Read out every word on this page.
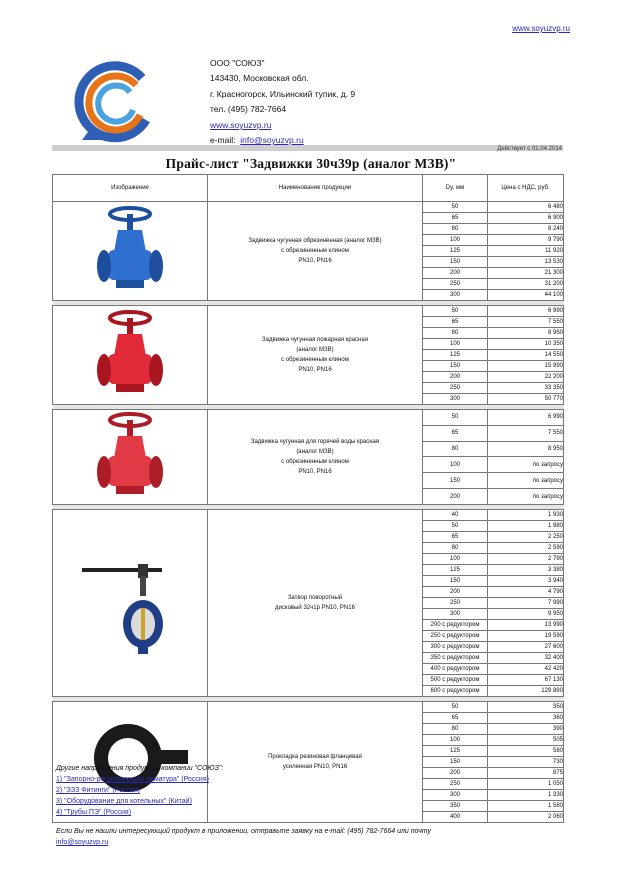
www.soyuzvp.ru
ООО "СОЮЗ"
143430, Московская обл.
г. Красногорск, Ильинский тупик, д. 9
тел. (495) 782-7664
www.soyuzvp.ru
e-mail: info@soyuzvp.ru
Действует с 01.04.2014
Прайс-лист "Задвижки 30ч39р (аналог МЗВ)"
Изображение	Наименование продукции	Dy, мм	Цена с НДС, руб.

Задвижка чугунная обрезиненная (аналог МЗВ)
с обрезиненным клином
PN10, PN16	50	6 480
		65	6 900
		80	8 240
		100	9 790
		125	11 920
		150	13 530
		200	21 300
		250	31 200
		300	44 100

Задвижка чугунная пожарная красная
(аналог МЗВ)
с обрезиненным клином
PN10, PN16	50	6 990
		65	7 550
		80	8 950
		100	10 350
		125	14 550
		150	15 990
		200	22 200
		250	33 350
		300	50 770

Задвижка чугунная для горячей воды красная
(аналог МЗВ)
с обрезиненным клином
PN10, PN16	50	6 990
		65	7 550
		80	8 950
		100	по запросу
		150	по запросу
		200	по запросу

Затвор поворотный
дисковый 32ч1р PN10, PN16	40	1 930
		50	1 980
		65	2 250
		80	2 590
		100	2 790
		125	3 380
		150	3 940
		200	4 790
		250	7 990
		300	9 950
		200 с редуктором	13 990
		250 с редуктором	19 590
		300 с редуктором	27 600
		350 с редуктором	32 400
		400 с редуктором	42 420
		500 с редуктором	67 130
		600 с редуктором	129 890

Прокладка резиновая фланцевая
усиленная PN10, PN16	50	350
		65	360
		80	390
		100	505
		125	580
		150	730
		200	875
		250	1 050
		300	1 330
		350	1 580
		400	2 060
Другие направления продукции компании "СОЮЗ":
1) "Запорно-регулирующая арматура" (Россия)
2) "ЗЗЗ Фитинги" (Россия)
3) "Оборудование для котельных" (Китай)
4) "Трубы ПЭ" (Россия)
Если Вы не нашли интересующий продукт в приложении, отправьте заявку на e-mail: (495) 782-7664 или почту
info@soyuzvp.ru
